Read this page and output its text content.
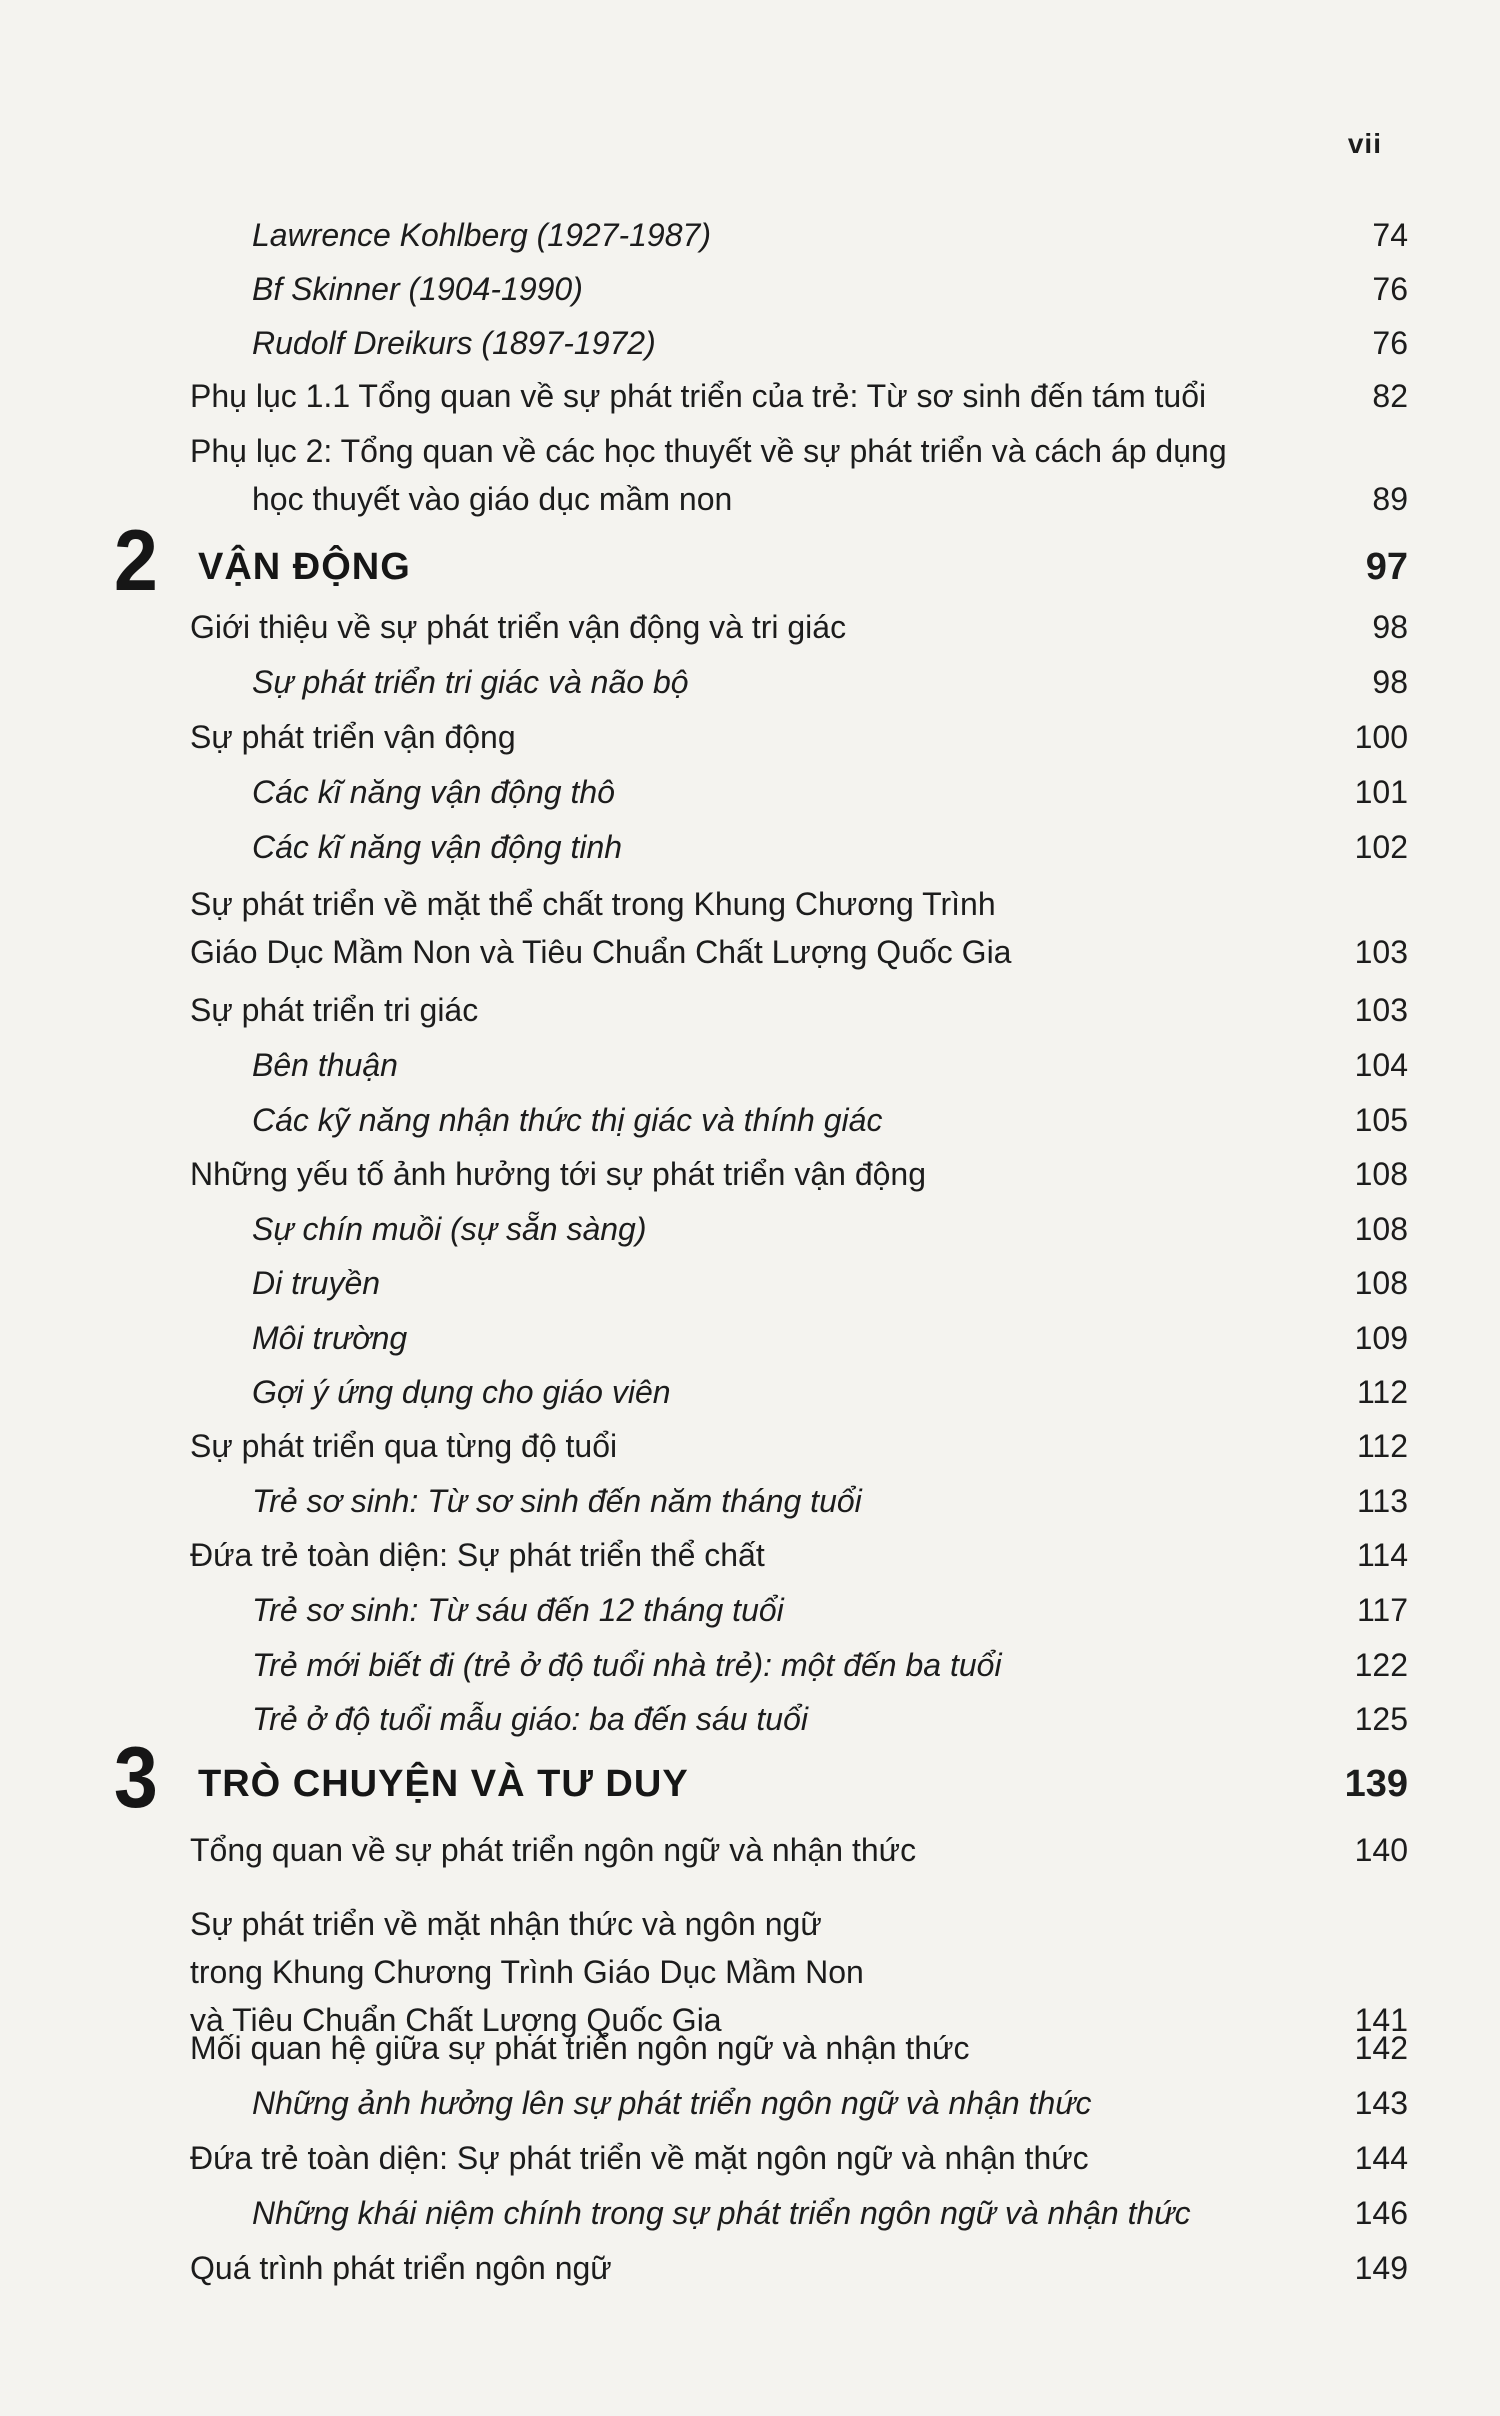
vii
Lawrence Kohlberg (1927-1987)	74
Bf Skinner (1904-1990)	76
Rudolf Dreikurs (1897-1972)	76
Phụ lục 1.1 Tổng quan về sự phát triển của trẻ: Từ sơ sinh đến tám tuổi	82
Phụ lục 2: Tổng quan về các học thuyết về sự phát triển và cách áp dụng
học thuyết vào giáo dục mầm non	89
2 VẬN ĐỘNG	97
Giới thiệu về sự phát triển vận động và tri giác	98
Sự phát triển tri giác và não bộ	98
Sự phát triển vận động	100
Các kĩ năng vận động thô	101
Các kĩ năng vận động tinh	102
Sự phát triển về mặt thể chất trong Khung Chương Trình
Giáo Dục Mầm Non và Tiêu Chuẩn Chất Lượng Quốc Gia	103
Sự phát triển tri giác	103
Bên thuận	104
Các kỹ năng nhận thức thị giác và thính giác	105
Những yếu tố ảnh hưởng tới sự phát triển vận động	108
Sự chín muồi (sự sẵn sàng)	108
Di truyền	108
Môi trường	109
Gợi ý ứng dụng cho giáo viên	112
Sự phát triển qua từng độ tuổi	112
Trẻ sơ sinh: Từ sơ sinh đến năm tháng tuổi	113
Đứa trẻ toàn diện: Sự phát triển thể chất	114
Trẻ sơ sinh: Từ sáu đến 12 tháng tuổi	117
Trẻ mới biết đi (trẻ ở độ tuổi nhà trẻ): một đến ba tuổi	122
Trẻ ở độ tuổi mẫu giáo: ba đến sáu tuổi	125
3 TRÒ CHUYỆN VÀ TƯ DUY	139
Tổng quan về sự phát triển ngôn ngữ và nhận thức	140
Sự phát triển về mặt nhận thức và ngôn ngữ
trong Khung Chương Trình Giáo Dục Mầm Non
và Tiêu Chuẩn Chất Lượng Quốc Gia	141
Mối quan hệ giữa sự phát triển ngôn ngữ và nhận thức	142
Những ảnh hưởng lên sự phát triển ngôn ngữ và nhận thức	143
Đứa trẻ toàn diện: Sự phát triển về mặt ngôn ngữ và nhận thức	144
Những khái niệm chính trong sự phát triển ngôn ngữ và nhận thức	146
Quá trình phát triển ngôn ngữ	149
